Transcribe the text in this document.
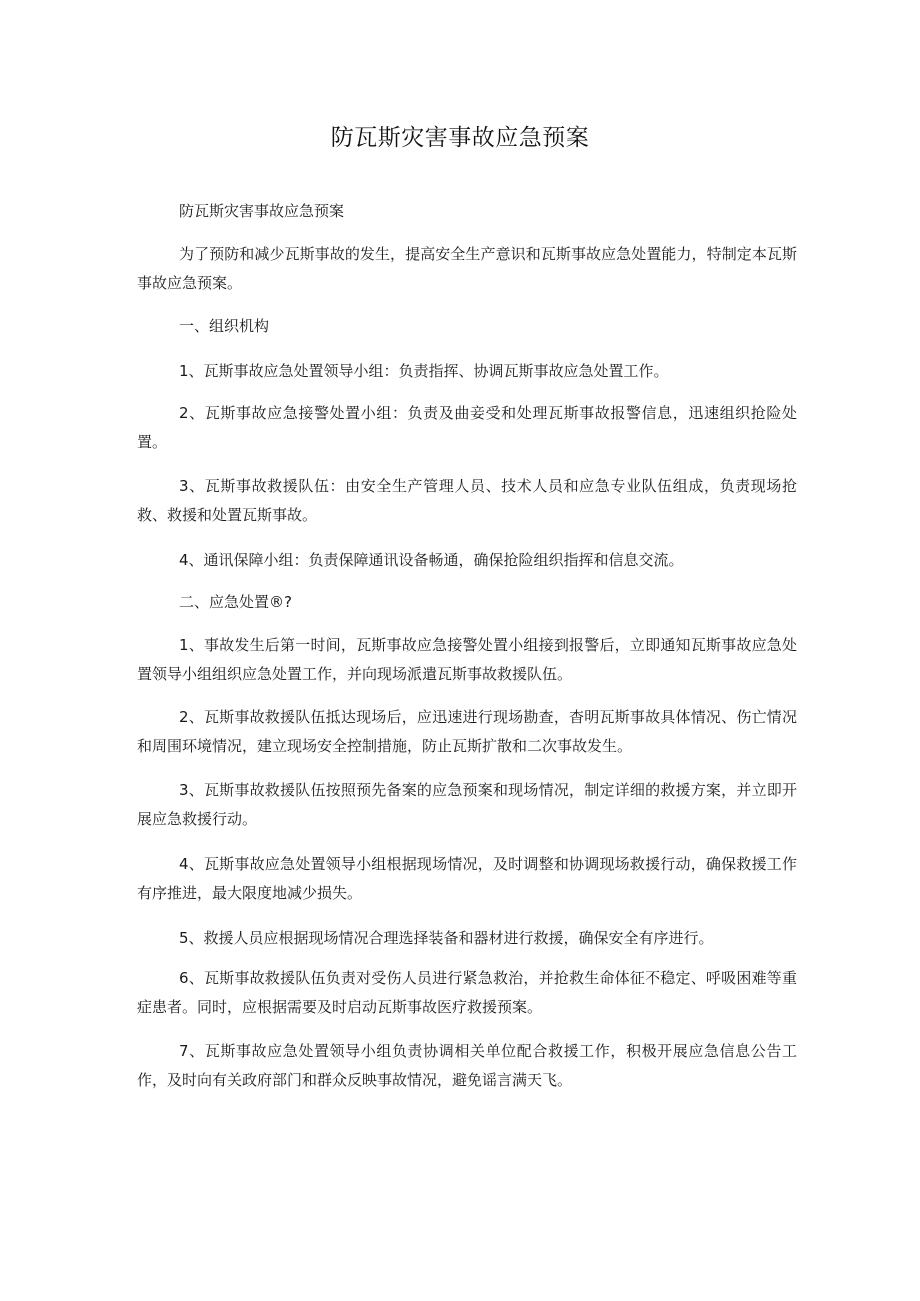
防瓦斯灾害事故应急预案

防瓦斯灾害事故应急预案

为了预防和减少瓦斯事故的发生，提高安全生产意识和瓦斯事故应急处置能力，特制定本瓦斯事故应急预案。

一、组织机构

1、瓦斯事故应急处置领导小组：负责指挥、协调瓦斯事故应急处置工作。

2、瓦斯事故应急接警处置小组：负责及曲妾受和处理瓦斯事故报警信息，迅速组织抢险处置。

3、瓦斯事故救援队伍：由安全生产管理人员、技术人员和应急专业队伍组成，负责现场抢救、救援和处置瓦斯事故。

4、通讯保障小组：负责保障通讯设备畅通，确保抢险组织指挥和信息交流。

二、应急处置®?

1、事故发生后第一时间，瓦斯事故应急接警处置小组接到报警后，立即通知瓦斯事故应急处置领导小组组织应急处置工作，并向现场派遣瓦斯事故救援队伍。

2、瓦斯事故救援队伍抵达现场后，应迅速进行现场勘查，杳明瓦斯事故具体情况、伤亡情况和周围环境情况，建立现场安全控制措施，防止瓦斯扩散和二次事故发生。

3、瓦斯事故救援队伍按照预先备案的应急预案和现场情况，制定详细的救援方案，并立即开展应急救援行动。

4、瓦斯事故应急处置领导小组根据现场情况，及时调整和协调现场救援行动，确保救援工作有序推进，最大限度地减少损失。

5、救援人员应根据现场情况合理选择装备和器材进行救援，确保安全有序进行。

6、瓦斯事故救援队伍负责对受伤人员进行紧急救治，并抢救生命体征不稳定、呼吸困难等重症患者。同时，应根据需要及时启动瓦斯事故医疗救援预案。

7、瓦斯事故应急处置领导小组负责协调相关单位配合救援工作，积极开展应急信息公告工作，及时向有关政府部门和群众反映事故情况，避免谣言满天飞。
